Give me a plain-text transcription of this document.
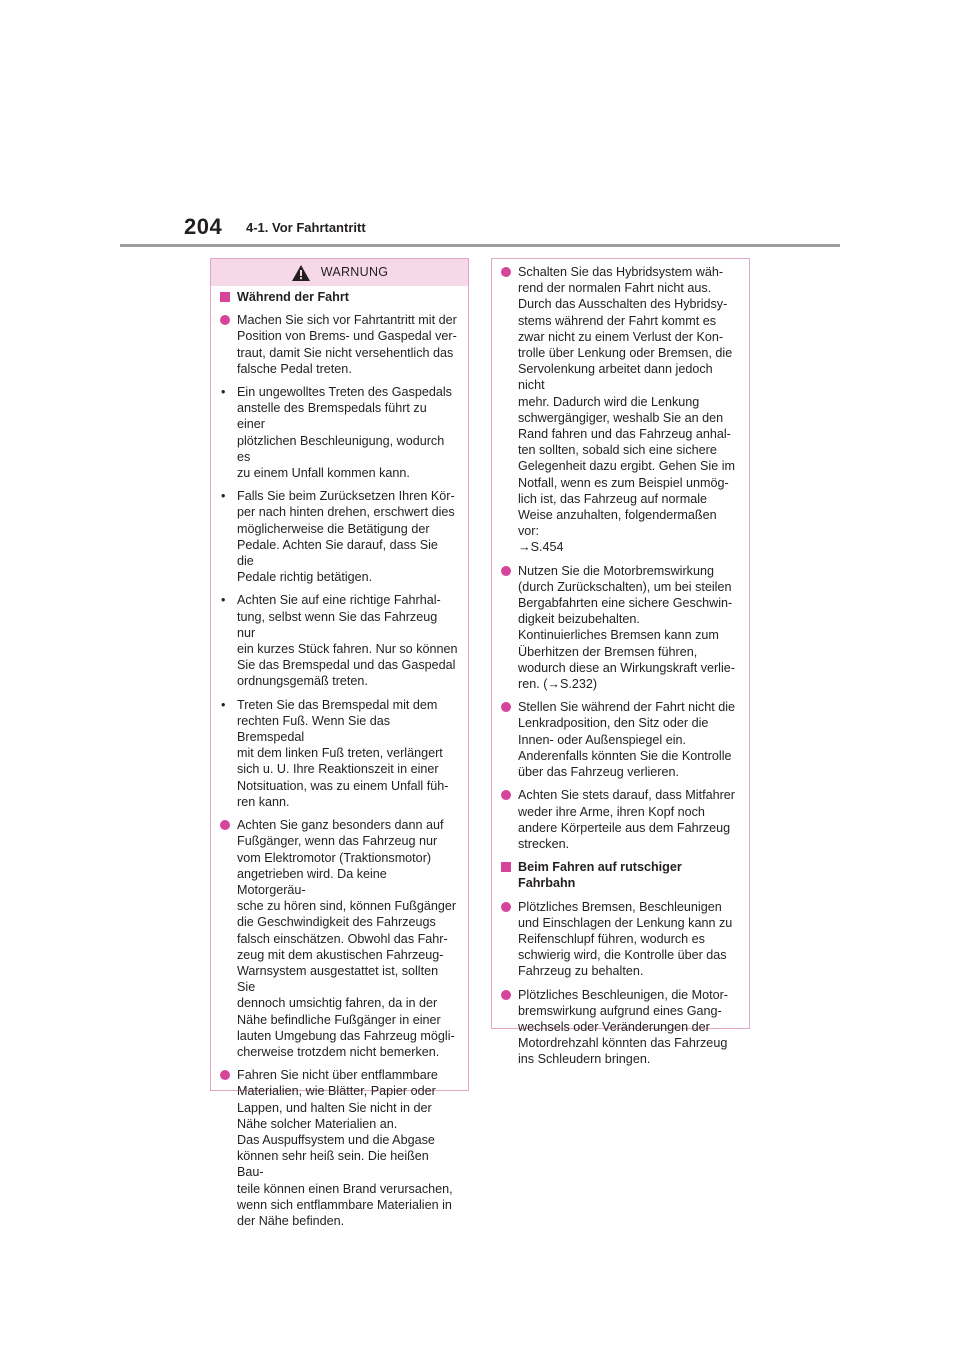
204 4-1. Vor Fahrtantritt
WARNUNG
Während der Fahrt
Machen Sie sich vor Fahrtantritt mit der
Position von Brems- und Gaspedal ver-
traut, damit Sie nicht versehentlich das
falsche Pedal treten.
• Ein ungewolltes Treten des Gaspedals
anstelle des Bremspedals führt zu einer
plötzlichen Beschleunigung, wodurch es
zu einem Unfall kommen kann.
• Falls Sie beim Zurücksetzen Ihren Kör-
per nach hinten drehen, erschwert dies
möglicherweise die Betätigung der
Pedale. Achten Sie darauf, dass Sie die
Pedale richtig betätigen.
• Achten Sie auf eine richtige Fahrhal-
tung, selbst wenn Sie das Fahrzeug nur
ein kurzes Stück fahren. Nur so können
Sie das Bremspedal und das Gaspedal
ordnungsgemäß treten.
• Treten Sie das Bremspedal mit dem
rechten Fuß. Wenn Sie das Bremspedal
mit dem linken Fuß treten, verlängert
sich u. U. Ihre Reaktionszeit in einer
Notsituation, was zu einem Unfall füh-
ren kann.
Achten Sie ganz besonders dann auf
Fußgänger, wenn das Fahrzeug nur
vom Elektromotor (Traktionsmotor)
angetrieben wird. Da keine Motorgeräu-
sche zu hören sind, können Fußgänger
die Geschwindigkeit des Fahrzeugs
falsch einschätzen. Obwohl das Fahr-
zeug mit dem akustischen Fahrzeug-
Warnsystem ausgestattet ist, sollten Sie
dennoch umsichtig fahren, da in der
Nähe befindliche Fußgänger in einer
lauten Umgebung das Fahrzeug mögli-
cherweise trotzdem nicht bemerken.
Fahren Sie nicht über entflammbare
Materialien, wie Blätter, Papier oder
Lappen, und halten Sie nicht in der
Nähe solcher Materialien an.
Das Auspuffsystem und die Abgase
können sehr heiß sein. Die heißen Bau-
teile können einen Brand verursachen,
wenn sich entflammbare Materialien in
der Nähe befinden.
Schalten Sie das Hybridsystem wäh-
rend der normalen Fahrt nicht aus.
Durch das Ausschalten des Hybridsy-
stems während der Fahrt kommt es
zwar nicht zu einem Verlust der Kon-
trolle über Lenkung oder Bremsen, die
Servolenkung arbeitet dann jedoch nicht
mehr. Dadurch wird die Lenkung
schwergängiger, weshalb Sie an den
Rand fahren und das Fahrzeug anhal-
ten sollten, sobald sich eine sichere
Gelegenheit dazu ergibt. Gehen Sie im
Notfall, wenn es zum Beispiel unmög-
lich ist, das Fahrzeug auf normale
Weise anzuhalten, folgendermaßen vor:
→S.454
Nutzen Sie die Motorbremswirkung
(durch Zurückschalten), um bei steilen
Bergabfahrten eine sichere Geschwin-
digkeit beizubehalten.
Kontinuierliches Bremsen kann zum
Überhitzen der Bremsen führen,
wodurch diese an Wirkungskraft verlie-
ren. (→S.232)
Stellen Sie während der Fahrt nicht die
Lenkradposition, den Sitz oder die
Innen- oder Außenspiegel ein.
Anderenfalls könnten Sie die Kontrolle
über das Fahrzeug verlieren.
Achten Sie stets darauf, dass Mitfahrer
weder ihre Arme, ihren Kopf noch
andere Körperteile aus dem Fahrzeug
strecken.
Beim Fahren auf rutschiger Fahrbahn
Plötzliches Bremsen, Beschleunigen
und Einschlagen der Lenkung kann zu
Reifenschlupf führen, wodurch es
schwierig wird, die Kontrolle über das
Fahrzeug zu behalten.
Plötzliches Beschleunigen, die Motor-
bremswirkung aufgrund eines Gang-
wechsels oder Veränderungen der
Motordrehzahl könnten das Fahrzeug
ins Schleudern bringen.
